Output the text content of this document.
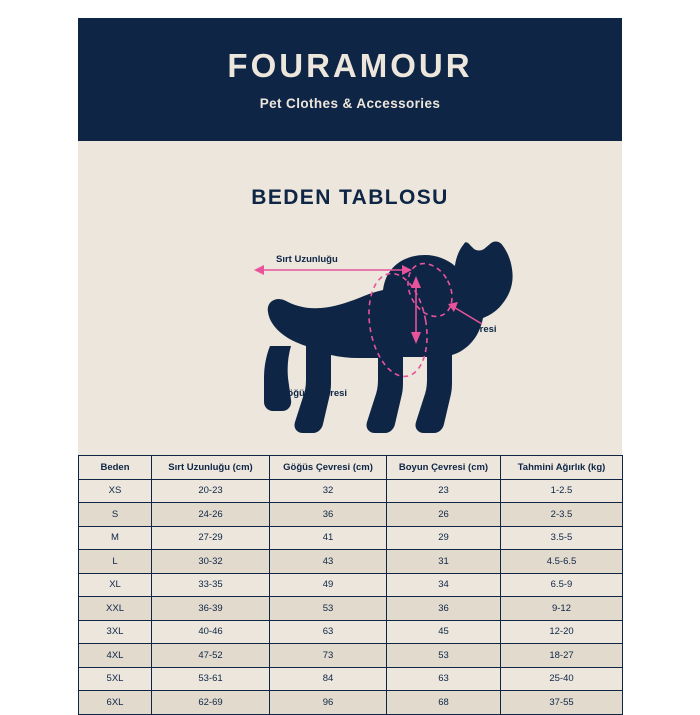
FOURAMOUR
Pet Clothes & Accessories
BEDEN TABLOSU
Sırt Uzunluğu
Boyun Çevresi
Göğüs Çevresi
Beden	Sırt Uzunluğu (cm)	Göğüs Çevresi (cm)	Boyun Çevresi (cm)	Tahmini Ağırlık (kg)
XS	20-23	32	23	1-2.5
S	24-26	36	26	2-3.5
M	27-29	41	29	3.5-5
L	30-32	43	31	4.5-6.5
XL	33-35	49	34	6.5-9
XXL	36-39	53	36	9-12
3XL	40-46	63	45	12-20
4XL	47-52	73	53	18-27
5XL	53-61	84	63	25-40
6XL	62-69	96	68	37-55
